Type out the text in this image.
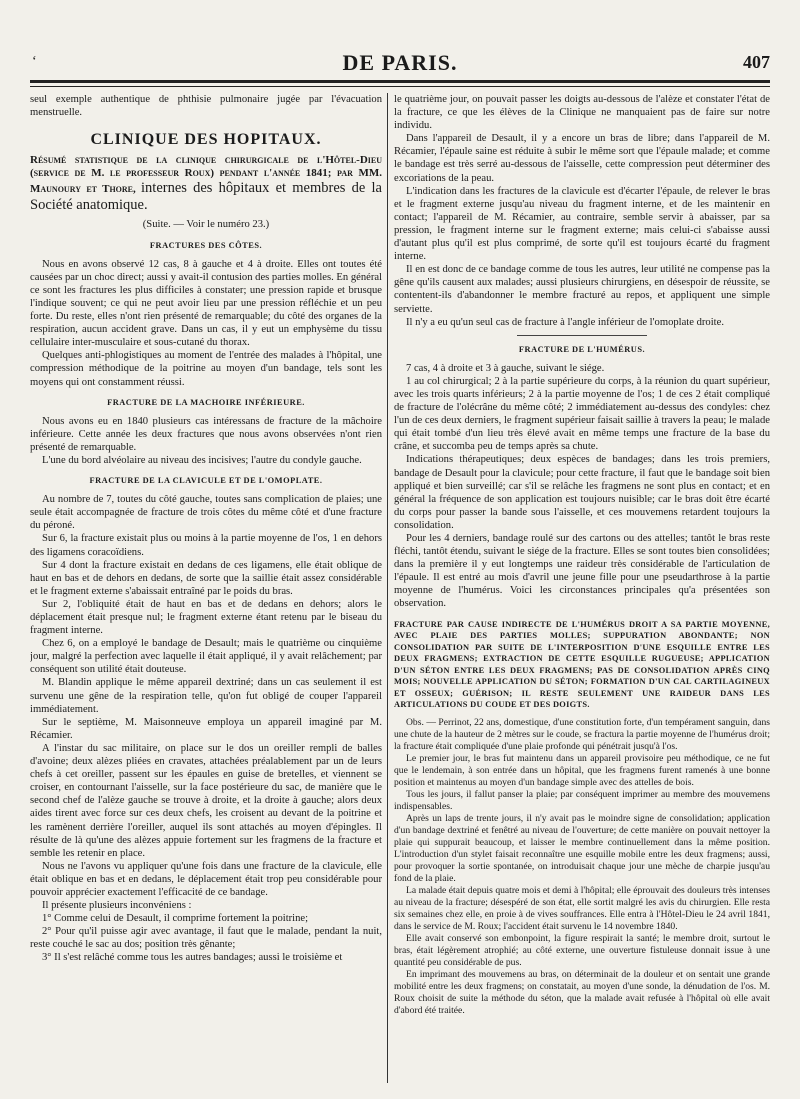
ʻ	DE PARIS.	407

seul exemple authentique de phthisie pulmonaire jugée par l'évacuation menstruelle.

CLINIQUE DES HOPITAUX.
Résumé statistique de la clinique chirurgicale de l'Hôtel-Dieu (service de M. le professeur Roux) pendant l'année 1841; par MM. Maunoury et Thore, internes des hôpitaux et membres de la Société anatomique.
(Suite. — Voir le numéro 23.)
FRACTURES DES CÔTES.

Nous en avons observé 12 cas, 8 à gauche et 4 à droite. Elles ont toutes été causées par un choc direct; aussi y avait-il contusion des parties molles. En général ce sont les fractures les plus difficiles à constater; une pression rapide et brusque l'indique souvent; ce qui ne peut avoir lieu par une pression réfléchie et un peu forte. Du reste, elles n'ont rien présenté de remarquable; du côté des organes de la respiration, aucun accident grave. Dans un cas, il y eut un emphysème du tissu cellulaire inter-musculaire et sous-cutané du thorax.

Quelques anti-phlogistiques au moment de l'entrée des malades à l'hôpital, une compression méthodique de la poitrine au moyen d'un bandage, tels sont les moyens qui ont constamment réussi.

FRACTURE DE LA MACHOIRE INFÉRIEURE.

Nous avons eu en 1840 plusieurs cas intéressans de fracture de la mâchoire inférieure. Cette année les deux fractures que nous avons observées n'ont rien présenté de remarquable.

L'une du bord alvéolaire au niveau des incisives; l'autre du condyle gauche.

FRACTURE DE LA CLAVICULE ET DE L'OMOPLATE.

Au nombre de 7, toutes du côté gauche, toutes sans complication de plaies; une seule était accompagnée de fracture de trois côtes du même côté et d'une fracture du péroné.

Sur 6, la fracture existait plus ou moins à la partie moyenne de l'os, 1 en dehors des ligamens coracoïdiens.

Sur 4 dont la fracture existait en dedans de ces ligamens, elle était oblique de haut en bas et de dehors en dedans, de sorte que la saillie était assez considérable et le fragment externe s'abaissait entraîné par le poids du bras.

Sur 2, l'obliquité était de haut en bas et de dedans en dehors; alors le déplacement était presque nul; le fragment externe étant retenu par le biseau du fragment interne.

Chez 6, on a employé le bandage de Desault; mais le quatrième ou cinquième jour, malgré la perfection avec laquelle il était appliqué, il y avait relâchement; par conséquent son utilité était douteuse.

M. Blandin applique le même appareil dextriné; dans un cas seulement il est survenu une gêne de la respiration telle, qu'on fut obligé de couper l'appareil immédiatement.

Sur le septième, M. Maisonneuve employa un appareil imaginé par M. Récamier.

A l'instar du sac militaire, on place sur le dos un oreiller rempli de balles d'avoine; deux alèzes pliées en cravates, attachées préalablement par un de leurs chefs à cet oreiller, passent sur les épaules en guise de bretelles, et viennent se croiser, en contournant l'aisselle, sur la face postérieure du sac, de manière que le second chef de l'alèze gauche se trouve à droite, et la droite à gauche; alors deux aides tirent avec force sur ces deux chefs, les croisent au devant de la poitrine et les ramènent derrière l'oreiller, auquel ils sont attachés au moyen d'épingles. Il résulte de là qu'une des alèzes appuie fortement sur les fragmens de la fracture et semble les retenir en place.

Nous ne l'avons vu appliquer qu'une fois dans une fracture de la clavicule, elle était oblique en bas et en dedans, le déplacement était trop peu considérable pour pouvoir apprécier exactement l'efficacité de ce bandage.

Il présente plusieurs inconvéniens :

1° Comme celui de Desault, il comprime fortement la poitrine;

2° Pour qu'il puisse agir avec avantage, il faut que le malade, pendant la nuit, reste couché le sac au dos; position très gênante;

3° Il s'est relâché comme tous les autres bandages; aussi le troisième et

le quatrième jour, on pouvait passer les doigts au-dessous de l'alèze et constater l'état de la fracture, ce que les élèves de la Clinique ne manquaient pas de faire sur notre individu.

Dans l'appareil de Desault, il y a encore un bras de libre; dans l'appareil de M. Récamier, l'épaule saine est réduite à subir le même sort que l'épaule malade; et comme le bandage est très serré au-dessous de l'aisselle, cette compression peut déterminer des excoriations de la peau.

L'indication dans les fractures de la clavicule est d'écarter l'épaule, de relever le bras et le fragment externe jusqu'au niveau du fragment interne, et de les maintenir en contact; l'appareil de M. Récamier, au contraire, semble servir à abaisser, par sa pression, le fragment interne sur le fragment externe; mais celui-ci s'abaisse aussi d'autant plus qu'il est plus comprimé, de sorte qu'il est toujours écarté du fragment interne.

Il en est donc de ce bandage comme de tous les autres, leur utilité ne compense pas la gêne qu'ils causent aux malades; aussi plusieurs chirurgiens, en désespoir de réussite, se contentent-ils d'abandonner le membre fracturé au repos, et appliquent une simple serviette.

Il n'y a eu qu'un seul cas de fracture à l'angle inférieur de l'omoplate droite.

FRACTURE DE L'HUMÉRUS.

7 cas, 4 à droite et 3 à gauche, suivant le siége.

1 au col chirurgical; 2 à la partie supérieure du corps, à la réunion du quart supérieur, avec les trois quarts inférieurs; 2 à la partie moyenne de l'os; 1 de ces 2 était compliqué de fracture de l'olécrâne du même côté; 2 immédiatement au-dessus des condyles: chez l'un de ces deux derniers, le fragment supérieur faisait saillie à travers la peau; le malade qui était tombé d'un lieu très élevé avait en même temps une fracture de la base du crâne, et succomba peu de temps après sa chute.

Indications thérapeutiques; deux espèces de bandages; dans les trois premiers, bandage de Desault pour la clavicule; pour cette fracture, il faut que le bandage soit bien appliqué et bien surveillé; car s'il se relâche les fragmens ne sont plus en contact; et en général la fréquence de son application est toujours nuisible; car le bras doit être écarté du corps pour passer la bande sous l'aisselle, et ces mouvemens retardent toujours la consolidation.

Pour les 4 derniers, bandage roulé sur des cartons ou des attelles; tantôt le bras reste fléchi, tantôt étendu, suivant le siége de la fracture. Elles se sont toutes bien consolidées; dans la première il y eut longtemps une raideur très considérable de l'articulation de l'épaule. Il est entré au mois d'avril une jeune fille pour une pseudarthrose à la partie moyenne de l'humérus. Voici les circonstances principales qu'a présentées son observation.

FRACTURE PAR CAUSE INDIRECTE DE L'HUMÉRUS DROIT A SA PARTIE MOYENNE, AVEC PLAIE DES PARTIES MOLLES; SUPPURATION ABONDANTE; NON CONSOLIDATION PAR SUITE DE L'INTERPOSITION D'UNE ESQUILLE ENTRE LES DEUX FRAGMENS; EXTRACTION DE CETTE ESQUILLE RUGUEUSE; APPLICATION D'UN SÉTON ENTRE LES DEUX FRAGMENS; PAS DE CONSOLIDATION APRÈS CINQ MOIS; NOUVELLE APPLICATION DU SÉTON; FORMATION D'UN CAL CARTILAGINEUX ET OSSEUX; GUÉRISON; IL RESTE SEULEMENT UNE RAIDEUR DANS LES ARTICULATIONS DU COUDE ET DES DOIGTS.

Obs. — Perrinot, 22 ans, domestique, d'une constitution forte, d'un tempérament sanguin, dans une chute de la hauteur de 2 mètres sur le coude, se fractura la partie moyenne de l'humérus droit; la fracture était compliquée d'une plaie profonde qui pénétrait jusqu'à l'os.

Le premier jour, le bras fut maintenu dans un appareil provisoire peu méthodique, ce ne fut que le lendemain, à son entrée dans un hôpital, que les fragmens furent ramenés à une bonne position et maintenus au moyen d'un bandage simple avec des attelles de bois.

Tous les jours, il fallut panser la plaie; par conséquent imprimer au membre des mouvemens indispensables.

Après un laps de trente jours, il n'y avait pas le moindre signe de consolidation; application d'un bandage dextriné et fenêtré au niveau de l'ouverture; de cette manière on pouvait nettoyer la plaie qui suppurait beaucoup, et laisser le membre continuellement dans la même position. L'introduction d'un stylet faisait reconnaître une esquille mobile entre les deux fragmens; aussi, pour provoquer la sortie spontanée, on introduisait chaque jour une mèche de charpie jusqu'au fond de la plaie.

La malade était depuis quatre mois et demi à l'hôpital; elle éprouvait des douleurs très intenses au niveau de la fracture; désespéré de son état, elle sortit malgré les avis du chirurgien. Elle resta six semaines chez elle, en proie à de vives souffrances. Elle entra à l'Hôtel-Dieu le 24 avril 1841, dans le service de M. Roux; l'accident était survenu le 14 novembre 1840.

Elle avait conservé son embonpoint, la figure respirait la santé; le membre droit, surtout le bras, était légèrement atrophié; au côté externe, une ouverture fistuleuse donnait issue à une quantité peu considérable de pus.

En imprimant des mouvemens au bras, on déterminait de la douleur et on sentait une grande mobilité entre les deux fragmens; on constatait, au moyen d'une sonde, la dénudation de l'os. M. Roux choisit de suite la méthode du séton, que la malade avait refusée à l'hôpital où elle avait d'abord été traitée.
